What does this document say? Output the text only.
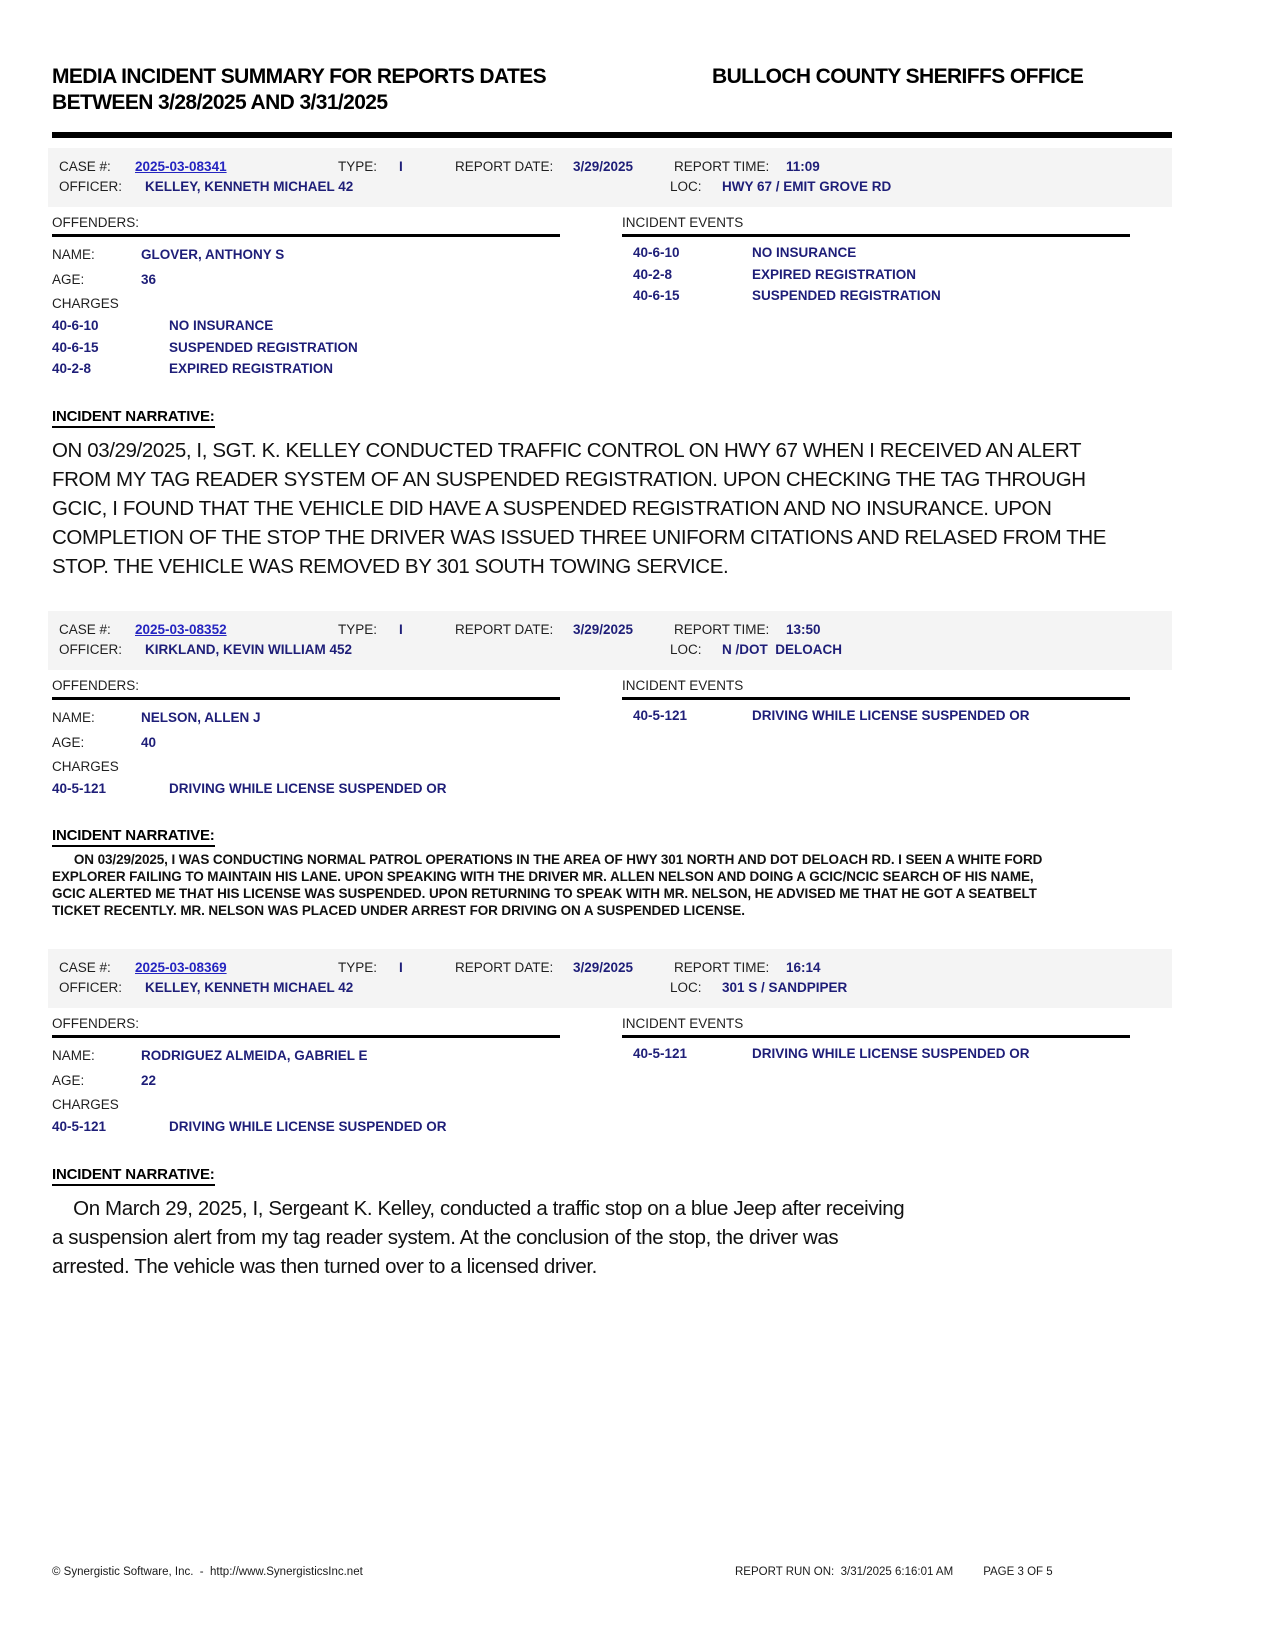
MEDIA INCIDENT SUMMARY FOR REPORTS DATES
BETWEEN 3/28/2025 AND 3/31/2025
BULLOCH COUNTY SHERIFFS OFFICE
CASE #:	2025-03-08341	TYPE:	I	REPORT DATE:	3/29/2025	REPORT TIME:	11:09
OFFICER:	KELLEY, KENNETH MICHAEL 42	LOC:	HWY 67 / EMIT GROVE RD
OFFENDERS:
NAME:	GLOVER, ANTHONY S
AGE:	36
CHARGES
40-6-10	NO INSURANCE
40-6-15	SUSPENDED REGISTRATION
40-2-8	EXPIRED REGISTRATION
INCIDENT EVENTS
40-6-10	NO INSURANCE
40-2-8	EXPIRED REGISTRATION
40-6-15	SUSPENDED REGISTRATION
INCIDENT NARRATIVE:
ON 03/29/2025, I, SGT. K. KELLEY CONDUCTED TRAFFIC CONTROL ON HWY 67 WHEN I RECEIVED AN ALERT
FROM MY TAG READER SYSTEM OF AN SUSPENDED REGISTRATION. UPON CHECKING THE TAG THROUGH
GCIC, I FOUND THAT THE VEHICLE DID HAVE A SUSPENDED REGISTRATION AND NO INSURANCE. UPON
COMPLETION OF THE STOP THE DRIVER WAS ISSUED THREE UNIFORM CITATIONS AND RELASED FROM THE
STOP. THE VEHICLE WAS REMOVED BY 301 SOUTH TOWING SERVICE.
CASE #:	2025-03-08352	TYPE:	I	REPORT DATE:	3/29/2025	REPORT TIME:	13:50
OFFICER:	KIRKLAND, KEVIN WILLIAM 452	LOC:	N /DOT  DELOACH
OFFENDERS:
NAME:	NELSON, ALLEN J
AGE:	40
CHARGES
40-5-121	DRIVING WHILE LICENSE SUSPENDED OR
INCIDENT EVENTS
40-5-121	DRIVING WHILE LICENSE SUSPENDED OR
INCIDENT NARRATIVE:
ON 03/29/2025, I WAS CONDUCTING NORMAL PATROL OPERATIONS IN THE AREA OF HWY 301 NORTH AND DOT DELOACH RD. I SEEN A WHITE FORD
EXPLORER FAILING TO MAINTAIN HIS LANE. UPON SPEAKING WITH THE DRIVER MR. ALLEN NELSON AND DOING A GCIC/NCIC SEARCH OF HIS NAME,
GCIC ALERTED ME THAT HIS LICENSE WAS SUSPENDED. UPON RETURNING TO SPEAK WITH MR. NELSON, HE ADVISED ME THAT HE GOT A SEATBELT
TICKET RECENTLY. MR. NELSON WAS PLACED UNDER ARREST FOR DRIVING ON A SUSPENDED LICENSE.
CASE #:	2025-03-08369	TYPE:	I	REPORT DATE:	3/29/2025	REPORT TIME:	16:14
OFFICER:	KELLEY, KENNETH MICHAEL 42	LOC:	301 S / SANDPIPER
OFFENDERS:
NAME:	RODRIGUEZ ALMEIDA, GABRIEL E
AGE:	22
CHARGES
40-5-121	DRIVING WHILE LICENSE SUSPENDED OR
INCIDENT EVENTS
40-5-121	DRIVING WHILE LICENSE SUSPENDED OR
INCIDENT NARRATIVE:
On March 29, 2025, I, Sergeant K. Kelley, conducted a traffic stop on a blue Jeep after receiving
a suspension alert from my tag reader system. At the conclusion of the stop, the driver was
arrested. The vehicle was then turned over to a licensed driver.

© Synergistic Software, Inc.  -  http://www.SynergisticsInc.net

	REPORT RUN ON:  3/31/2025 6:16:01 AM	PAGE 3 OF 5
